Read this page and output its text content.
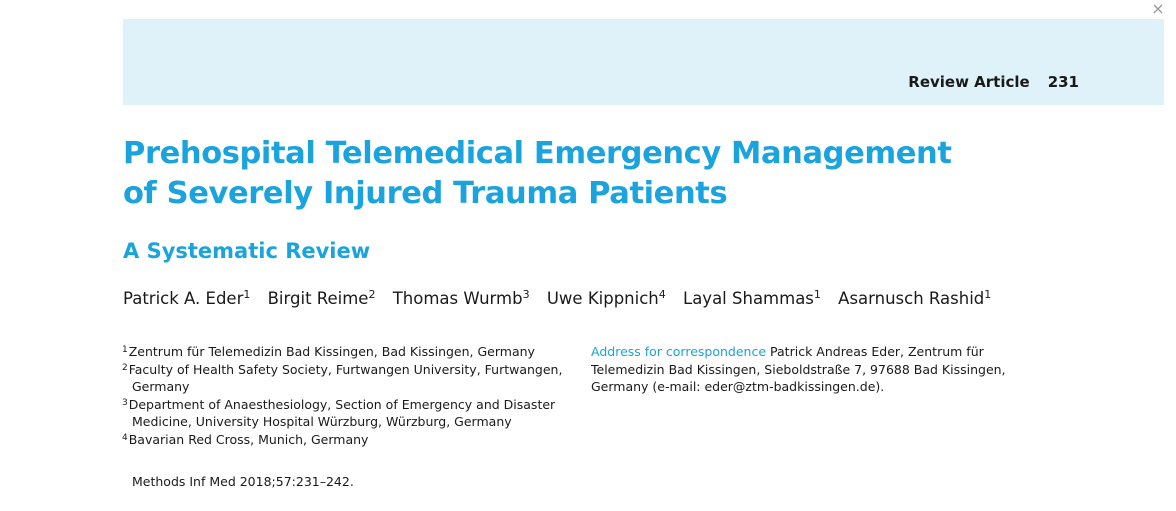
×
Review Article 231
Prehospital Telemedical Emergency Management
of Severely Injured Trauma Patients
A Systematic Review
Patrick A. Eder$^1$ Birgit Reime$^2$ Thomas Wurmb$^3$ Uwe Kippnich$^4$ Layal Shammas$^1$ Asarnusch Rashid$^1$
$^1$Zentrum für Telemedizin Bad Kissingen, Bad Kissingen, Germany
$^2$Faculty of Health Safety Society, Furtwangen University, Furtwangen, Germany
$^3$Department of Anaesthesiology, Section of Emergency and Disaster Medicine, University Hospital Würzburg, Würzburg, Germany
$^4$Bavarian Red Cross, Munich, Germany
Address for correspondence Patrick Andreas Eder, Zentrum für Telemedizin Bad Kissingen, Sieboldstraße 7, 97688 Bad Kissingen, Germany (e-mail: eder@ztm-badkissingen.de).
Methods Inf Med 2018;57:231–242.
